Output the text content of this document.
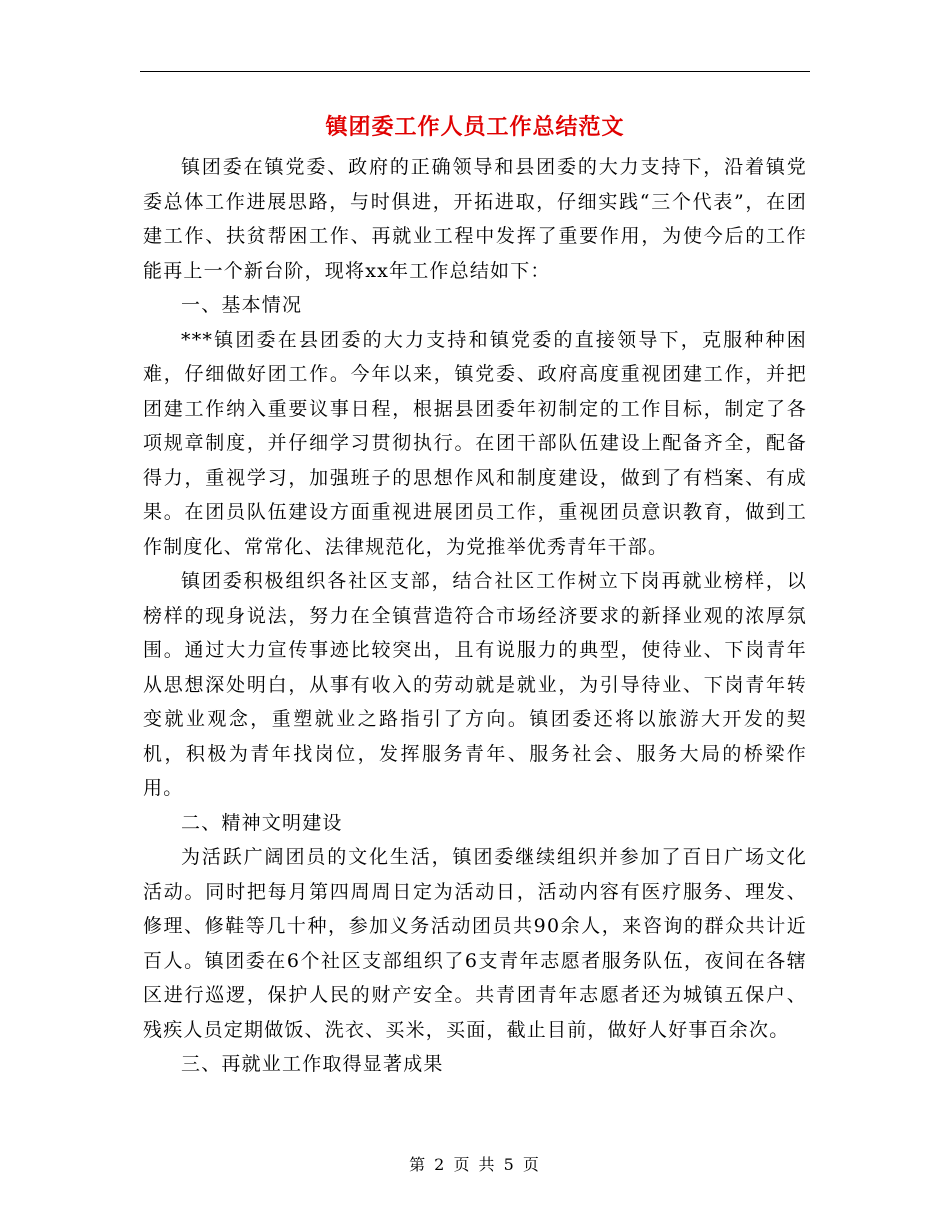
镇团委工作人员工作总结范文

镇团委在镇党委、政府的正确领导和县团委的大力支持下，沿着镇党委总体工作进展思路，与时俱进，开拓进取，仔细实践“三个代表”，在团建工作、扶贫帮困工作、再就业工程中发挥了重要作用，为使今后的工作能再上一个新台阶，现将xx年工作总结如下：

一、基本情况

***镇团委在县团委的大力支持和镇党委的直接领导下，克服种种困难，仔细做好团工作。今年以来，镇党委、政府高度重视团建工作，并把团建工作纳入重要议事日程，根据县团委年初制定的工作目标，制定了各项规章制度，并仔细学习贯彻执行。在团干部队伍建设上配备齐全，配备得力，重视学习，加强班子的思想作风和制度建设，做到了有档案、有成果。在团员队伍建设方面重视进展团员工作，重视团员意识教育，做到工作制度化、常常化、法律规范化，为党推举优秀青年干部。

镇团委积极组织各社区支部，结合社区工作树立下岗再就业榜样，以榜样的现身说法，努力在全镇营造符合市场经济要求的新择业观的浓厚氛围。通过大力宣传事迹比较突出，且有说服力的典型，使待业、下岗青年从思想深处明白，从事有收入的劳动就是就业，为引导待业、下岗青年转变就业观念，重塑就业之路指引了方向。镇团委还将以旅游大开发的契机，积极为青年找岗位，发挥服务青年、服务社会、服务大局的桥梁作用。

二、精神文明建设

为活跃广阔团员的文化生活，镇团委继续组织并参加了百日广场文化活动。同时把每月第四周周日定为活动日，活动内容有医疗服务、理发、修理、修鞋等几十种，参加义务活动团员共90余人，来咨询的群众共计近百人。镇团委在6个社区支部组织了6支青年志愿者服务队伍，夜间在各辖区进行巡逻，保护人民的财产安全。共青团青年志愿者还为城镇五保户、残疾人员定期做饭、洗衣、买米，买面，截止目前，做好人好事百余次。

三、再就业工作取得显著成果

第 2 页 共 5 页
